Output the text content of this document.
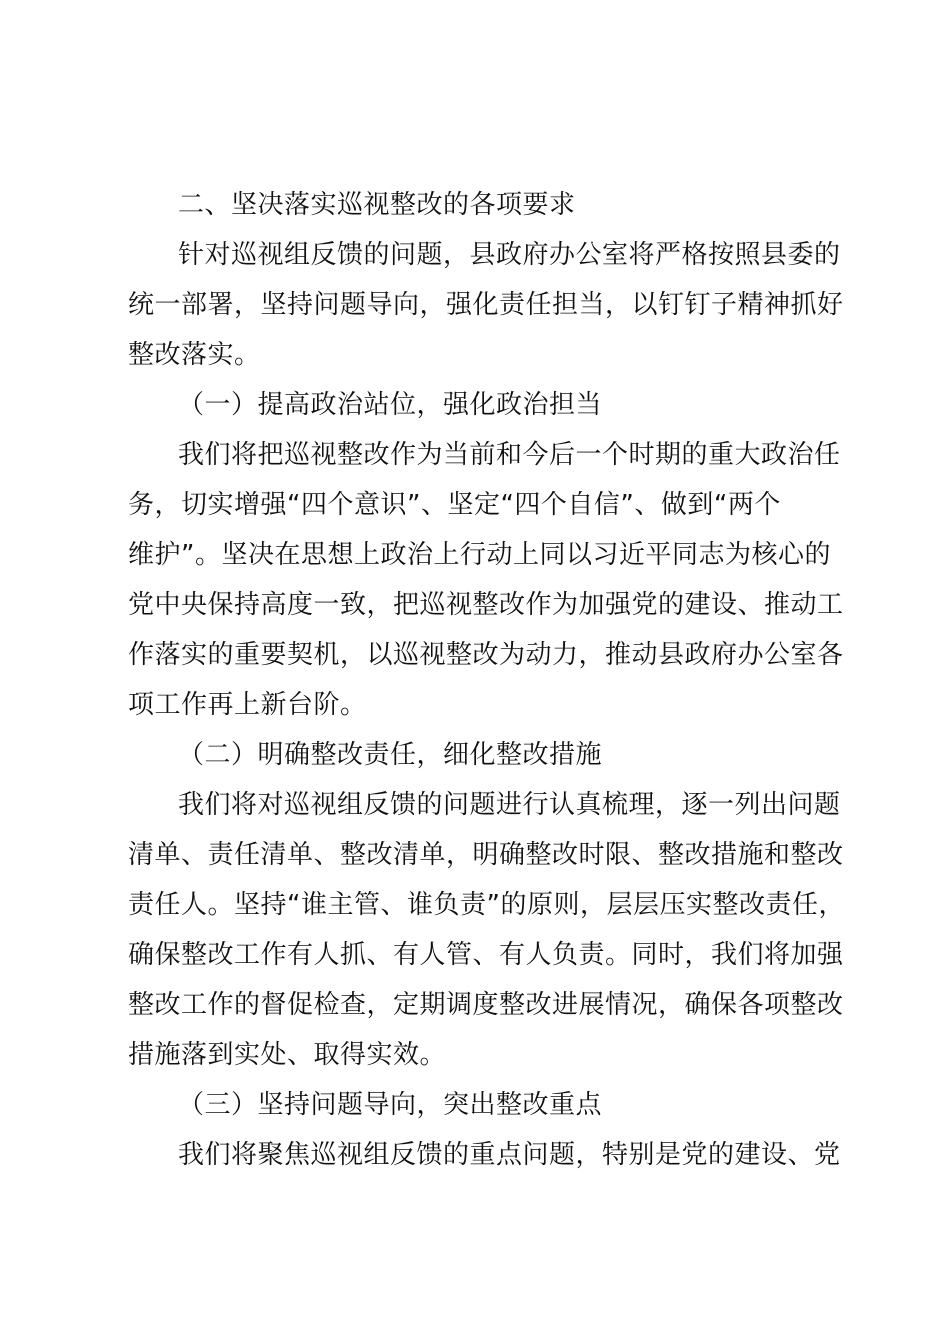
二、坚决落实巡视整改的各项要求
针对巡视组反馈的问题，县政府办公室将严格按照县委的
统一部署，坚持问题导向，强化责任担当，以钉钉子精神抓好
整改落实。
（一）提高政治站位，强化政治担当
我们将把巡视整改作为当前和今后一个时期的重大政治任
务，切实增强“四个意识”、坚定“四个自信”、做到“两个
维护”。坚决在思想上政治上行动上同以习近平同志为核心的
党中央保持高度一致，把巡视整改作为加强党的建设、推动工
作落实的重要契机，以巡视整改为动力，推动县政府办公室各
项工作再上新台阶。
（二）明确整改责任，细化整改措施
我们将对巡视组反馈的问题进行认真梳理，逐一列出问题
清单、责任清单、整改清单，明确整改时限、整改措施和整改
责任人。坚持“谁主管、谁负责”的原则，层层压实整改责任，
确保整改工作有人抓、有人管、有人负责。同时，我们将加强
整改工作的督促检查，定期调度整改进展情况，确保各项整改
措施落到实处、取得实效。
（三）坚持问题导向，突出整改重点
我们将聚焦巡视组反馈的重点问题，特别是党的建设、党
